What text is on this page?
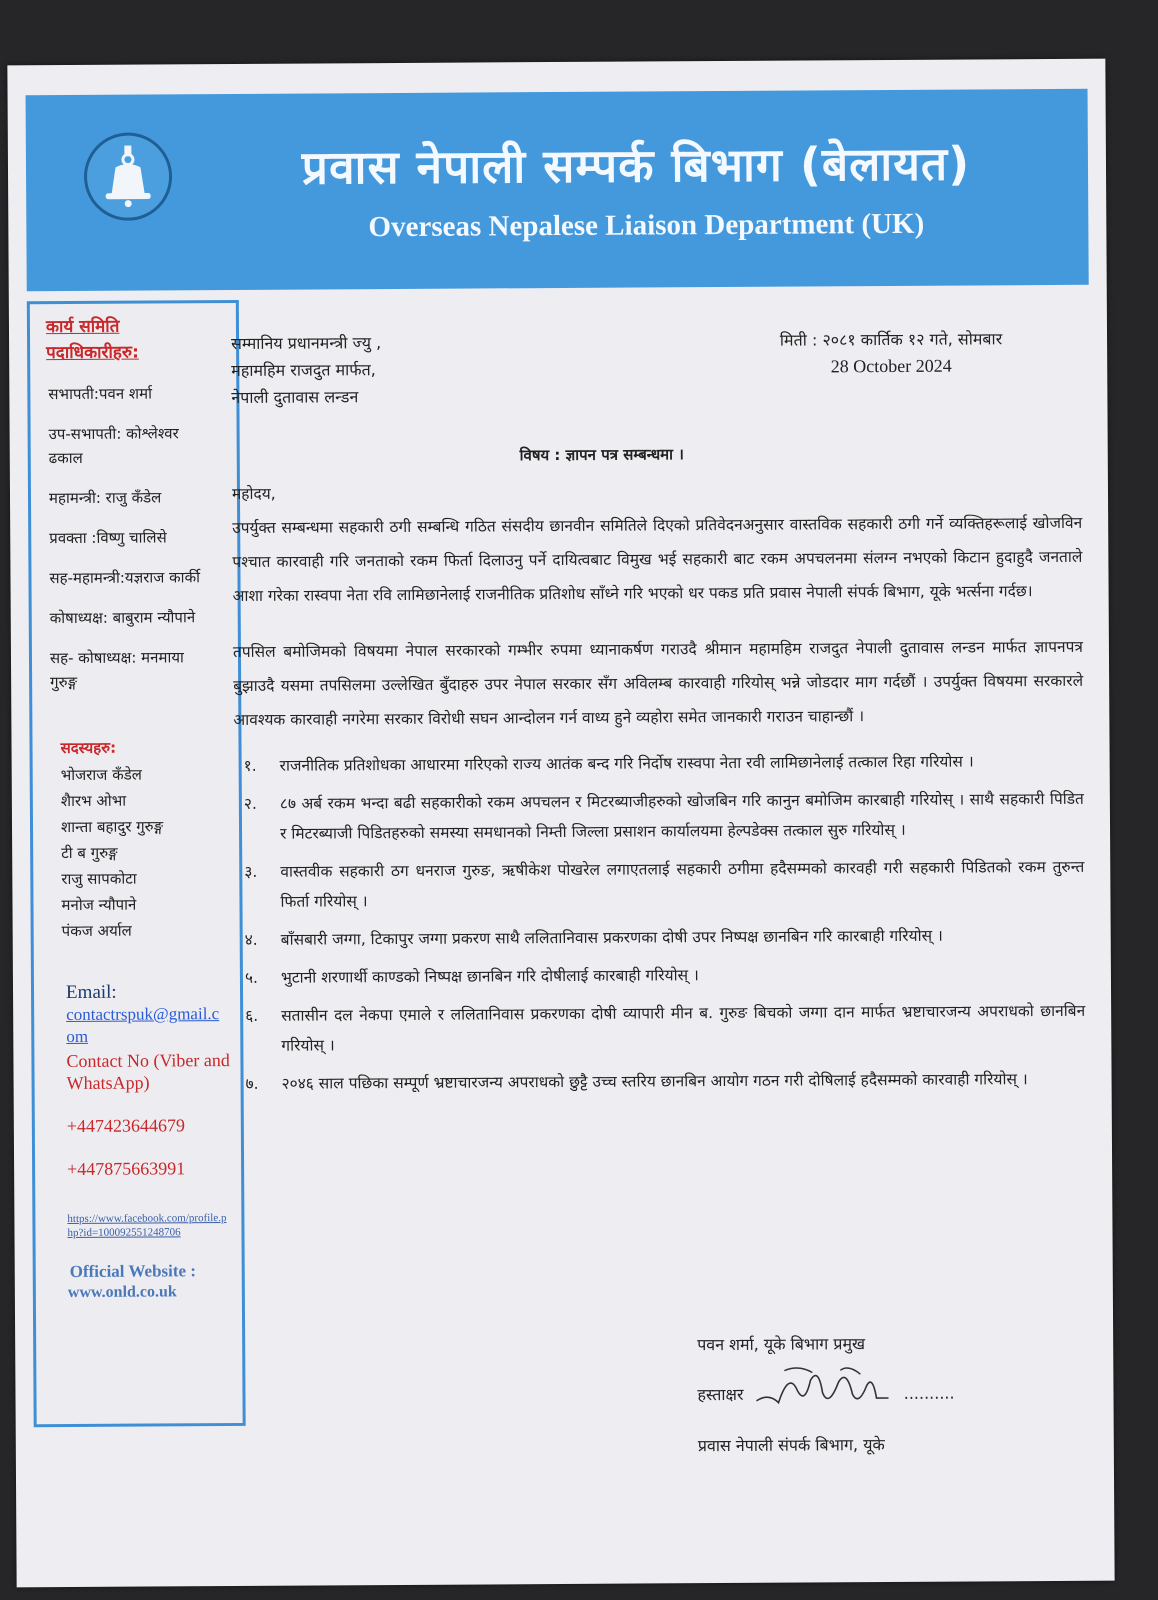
प्रवास नेपाली सम्पर्क बिभाग (बेलायत)
Overseas Nepalese Liaison Department (UK)
कार्य समिति
पदाधिकारीहरु:
सभापती:पवन शर्मा
उप-सभापती: कोश्लेश्वर ढकाल
महामन्त्री: राजु कँडेल
प्रवक्ता :विष्णु चालिसे
सह-महामन्त्री:यज्ञराज कार्की
कोषाध्यक्ष: बाबुराम न्यौपाने
सह- कोषाध्यक्ष: मनमाया गुरुङ्ग
सदस्यहरु:
भोजराज कँडेल
शैारभ ओभा
शान्ता बहादुर गुरुङ्ग
टी ब गुरुङ्ग
राजु सापकोटा
मनोज न्यौपाने
पंकज अर्याल
Email:
contactrspuk@gmail.com
Contact No (Viber and WhatsApp)
+447423644679
+447875663991
https://www.facebook.com/profile.php?id=100092551248706
Official Website :
www.onld.co.uk
सम्मानिय प्रधानमन्त्री ज्यु ,
महामहिम राजदुत मार्फत,
नेपाली दुतावास लन्डन
मिती : २०८१ कार्तिक १२ गते, सोमबार
28 October 2024
विषय : ज्ञापन पत्र सम्बन्धमा ।
महोदय,

उपर्युक्त सम्बन्धमा सहकारी ठगी सम्बन्धि गठित संसदीय छानवीन समितिले दिएको प्रतिवेदनअनुसार वास्तविक सहकारी ठगी गर्ने व्यक्तिहरूलाई खोजविन पश्चात कारवाही गरि जनताको रकम फिर्ता दिलाउनु पर्ने दायित्वबाट विमुख भई सहकारी बाट रकम अपचलनमा संलग्न नभएको किटान हुदाहुदै जनताले आशा गरेका रास्वपा नेता रवि लामिछानेलाई राजनीतिक प्रतिशोध साँध्ने गरि भएको धर पकड प्रति प्रवास नेपाली संपर्क बिभाग, यूके भर्त्सना गर्दछ।

तपसिल बमोजिमको विषयमा नेपाल सरकारको गम्भीर रुपमा ध्यानाकर्षण गराउदै श्रीमान महामहिम राजदुत नेपाली दुतावास लन्डन मार्फत ज्ञापनपत्र बुझाउदै यसमा तपसिलमा उल्लेखित बुँदाहरु उपर नेपाल सरकार सँग अविलम्ब कारवाही गरियोस् भन्ने जोडदार माग गर्दछौं । उपर्युक्त विषयमा सरकारले आवश्यक कारवाही नगरेमा सरकार विरोधी सघन आन्दोलन गर्न वाध्य हुने व्यहोरा समेत जानकारी गराउन चाहान्छौं ।

१. राजनीतिक प्रतिशोधका आधारमा गरिएको राज्य आतंक बन्द गरि निर्दोष रास्वपा नेता रवी लामिछानेलाई तत्काल रिहा गरियोस ।
२. ८७ अर्ब रकम भन्दा बढी सहकारीको रकम अपचलन र मिटरब्याजीहरुको खोजबिन गरि कानुन बमोजिम कारबाही गरियोस् । साथै सहकारी पिडित र मिटरब्याजी पिडितहरुको समस्या समधानको निम्ती जिल्ला प्रसाशन कार्यालयमा हेल्पडेक्स तत्काल सुरु गरियोस् ।
३. वास्तवीक सहकारी ठग धनराज गुरुङ, ऋषीकेश पोखरेल लगाएतलाई सहकारी ठगीमा हदैसम्मको कारवही गरी सहकारी पिडितको रकम तुरुन्त फिर्ता गरियोस् ।
४. बाँसबारी जग्गा, टिकापुर जग्गा प्रकरण साथै ललितानिवास प्रकरणका दोषी उपर निष्पक्ष छानबिन गरि कारबाही गरियोस् ।
५. भुटानी शरणार्थी काण्डको निष्पक्ष छानबिन गरि दोषीलाई कारबाही गरियोस् ।
६. सतासीन दल नेकपा एमाले र ललितानिवास प्रकरणका दोषी व्यापारी मीन ब. गुरुङ बिचको जग्गा दान मार्फत भ्रष्टाचारजन्य अपराधको छानबिन गरियोस् ।
७. २०४६ साल पछिका सम्पूर्ण भ्रष्टाचारजन्य अपराधको छुट्टै उच्च स्तरिय छानबिन आयोग गठन गरी दोषिलाई हदैसम्मको कारवाही गरियोस् ।
पवन शर्मा, यूके बिभाग प्रमुख
हस्ताक्षर	..........
प्रवास नेपाली संपर्क बिभाग, यूके
